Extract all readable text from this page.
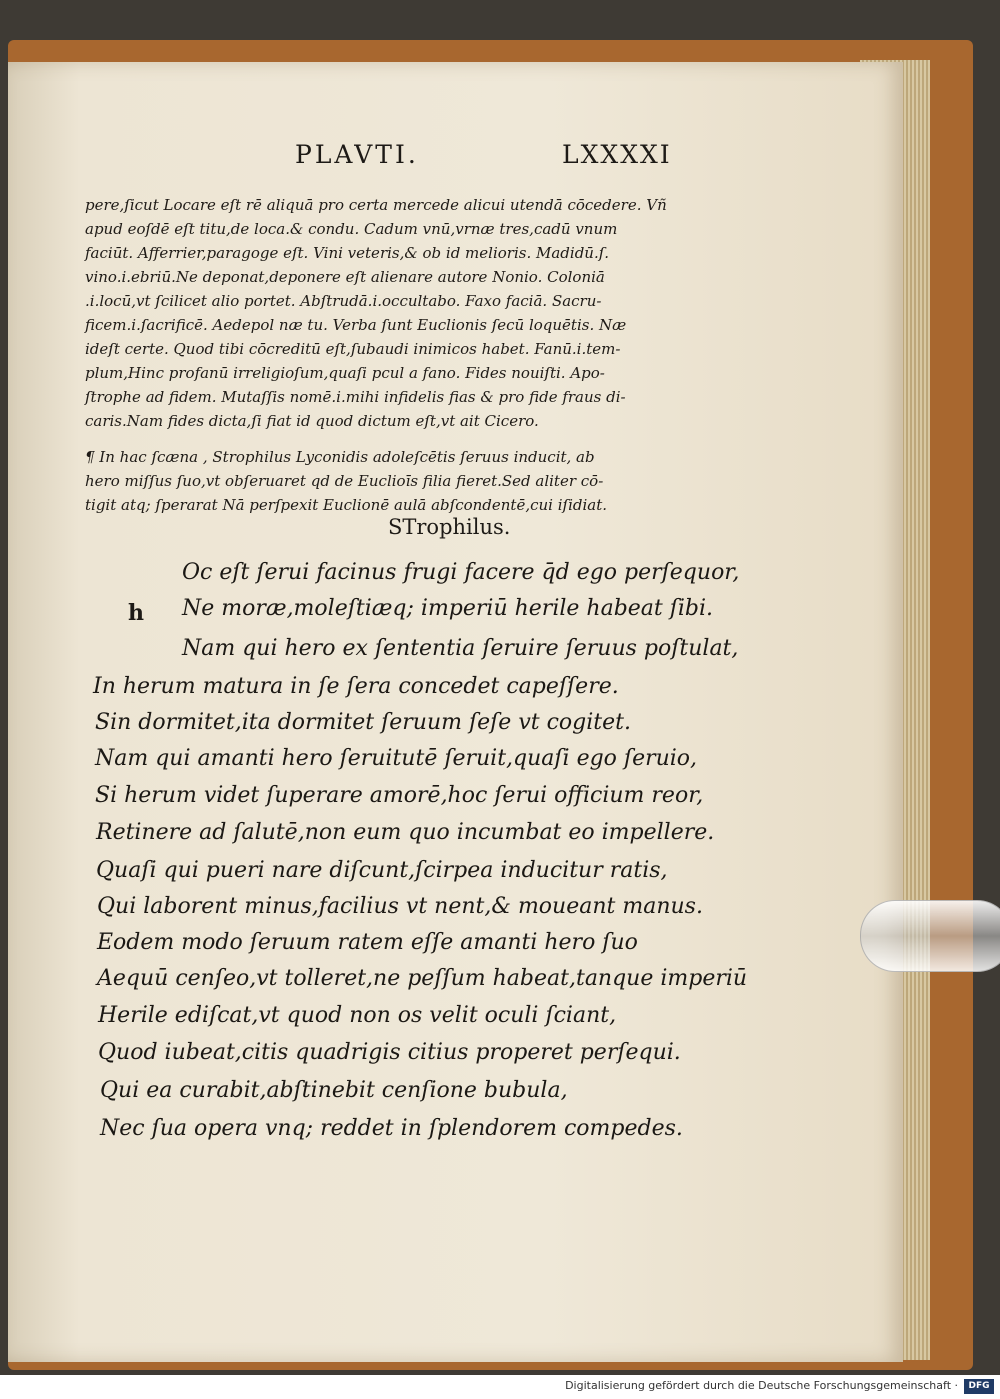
PLAVTI.	LXXXXI
pere,ſicut Locare eſt rē aliquā pro certa mercede alicui utendā cōcedere. Vñ
apud eoſdē eſt titu,de loca.& condu. Cadum vnū,vrnæ tres,cadū vnum
faciūt. Afferrier,paragoge eſt. Vini veteris,& ob id melioris. Madidū.ſ.
vino.i.ebriū.Ne deponat,deponere eſt alienare autore Nonio. Coloniā
.i.locū,vt ſcilicet alio portet. Abſtrudā.i.occultabo. Faxo faciā. Sacru-
ficem.i.ſacrificē. Aedepol næ tu. Verba ſunt Euclionis ſecū loquētis. Næ
ideſt certe. Quod tibi cōcreditū eſt,ſubaudi inimicos habet. Fanū.i.tem-
plum,Hinc profanū irreligioſum,quaſi pcul a fano. Fides nouiſti. Apo-
ſtrophe ad fidem. Mutaſſis nomē.i.mihi infidelis fias & pro fide fraus di-
caris.Nam fides dicta,ſi fiat id quod dictum eſt,vt ait Cicero.
¶ In hac ſcæna , Strophilus Lyconidis adoleſcētis ſeruus inducit, ab
hero miſſus ſuo,vt obſeruaret qd de Euclioīs filia fieret.Sed aliter cō-
tigit atq; ſperarat Nā perſpexit Euclionē aulā abſcondentē,cui iſidiat.
STrophilus.
h
Oc eſt ſerui facinus frugi facere q̄d ego perſequor,
Ne moræ,moleſtiæq; imperiū herile habeat ſibi.
Nam qui hero ex ſententia ſeruire ſeruus poſtulat,
In herum matura in ſe ſera concedet capeſſere.
Sin dormitet,ita dormitet ſeruum ſeſe vt cogitet.
Nam qui amanti hero ſeruitutē ſeruit,quaſi ego ſeruio,
Si herum videt ſuperare amorē,hoc ſerui officium reor,
Retinere ad ſalutē,non eum quo incumbat eo impellere.
Quaſi qui pueri nare diſcunt,ſcirpea inducitur ratis,
Qui laborent minus,facilius vt nent,& moueant manus.
Eodem modo ſeruum ratem eſſe amanti hero ſuo
Aequū cenſeo,vt tolleret,ne peſſum habeat,tanque imperiū
Herile ediſcat,vt quod non os velit oculi ſciant,
Quod iubeat,citis quadrigis citius properet perſequi.
Qui ea curabit,abſtinebit cenſione bubula,
Nec ſua opera vnq; reddet in ſplendorem compedes.
Digitalisierung gefördert durch die Deutsche Forschungsgemeinschaft ·	DFG
